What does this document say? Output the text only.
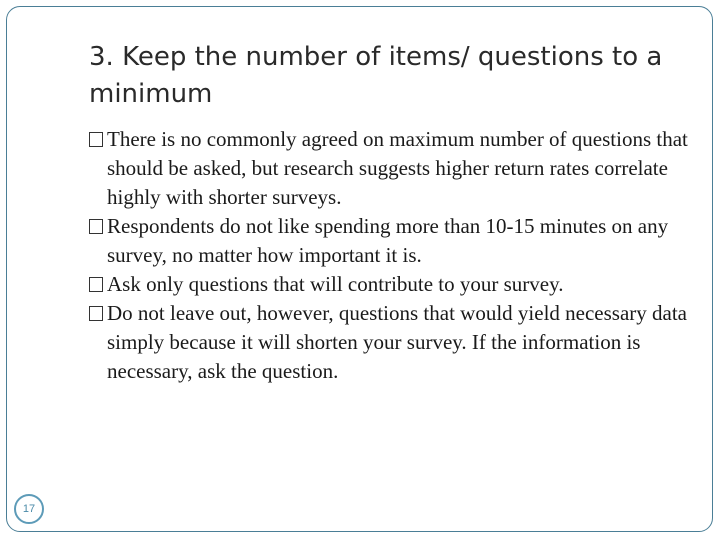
3. Keep the number of items/ questions to a minimum
There is no commonly agreed on maximum number of questions that should be asked, but research suggests higher return rates correlate highly with shorter surveys.
Respondents do not like spending more than 10-15 minutes on any survey, no matter how important it is.
Ask only questions that will contribute to your survey.
Do not leave out, however, questions that would yield necessary data simply because it will shorten your survey. If the information is necessary, ask the question.
17
